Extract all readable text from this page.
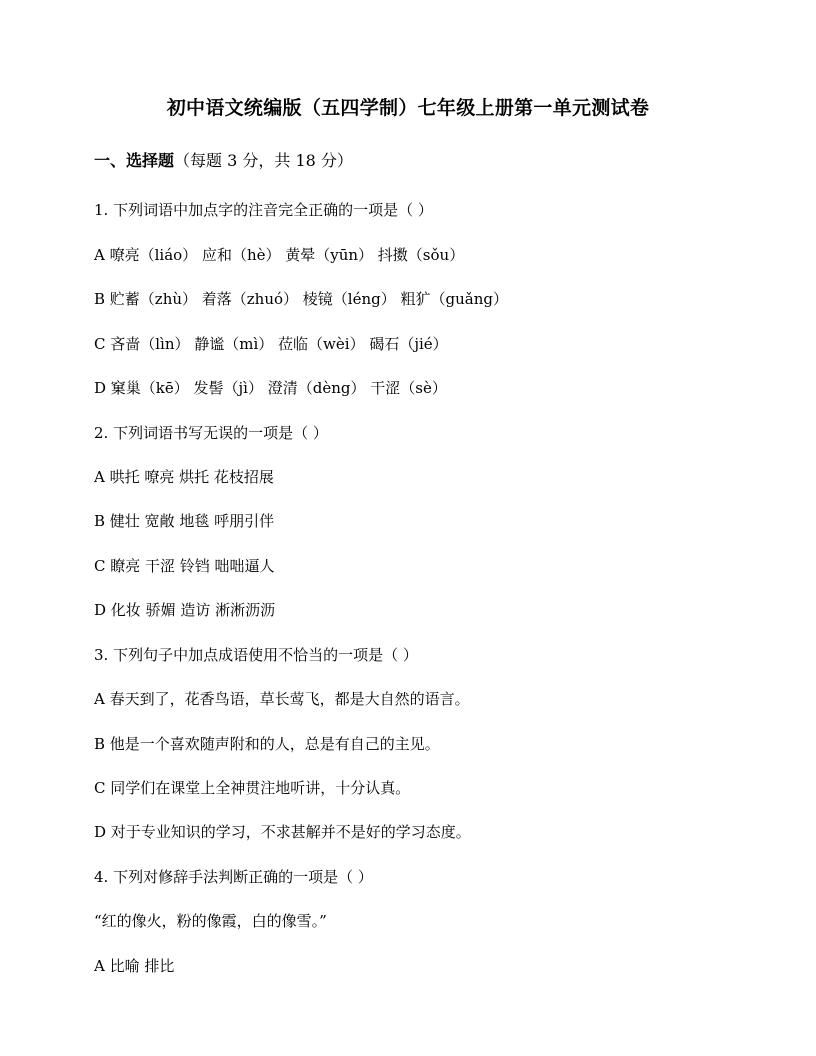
初中语文统编版（五四学制）七年级上册第一单元测试卷
一、选择题（每题 3 分，共 18 分）
1. 下列词语中加点字的注音完全正确的一项是（ ）
A 嘹亮（liáo） 应和（hè） 黄晕（yūn） 抖擞（sǒu）
B 贮蓄（zhù） 着落（zhuó） 棱镜（léng） 粗犷（guǎng）
C 吝啬（lìn） 静谧（mì） 莅临（wèi） 碣石（jié）
D 窠巢（kē） 发髻（jì） 澄清（dèng） 干涩（sè）
2. 下列词语书写无误的一项是（ ）
A 哄托 嘹亮 烘托 花枝招展
B 健壮 宽敞 地毯 呼朋引伴
C 瞭亮 干涩 铃铛 咄咄逼人
D 化妆 骄媚 造访 淅淅沥沥
3. 下列句子中加点成语使用不恰当的一项是（ ）
A 春天到了，花香鸟语，草长莺飞，都是大自然的语言。
B 他是一个喜欢随声附和的人，总是有自己的主见。
C 同学们在课堂上全神贯注地听讲，十分认真。
D 对于专业知识的学习，不求甚解并不是好的学习态度。
4. 下列对修辞手法判断正确的一项是（ ）
“红的像火，粉的像霞，白的像雪。”
A 比喻 排比
